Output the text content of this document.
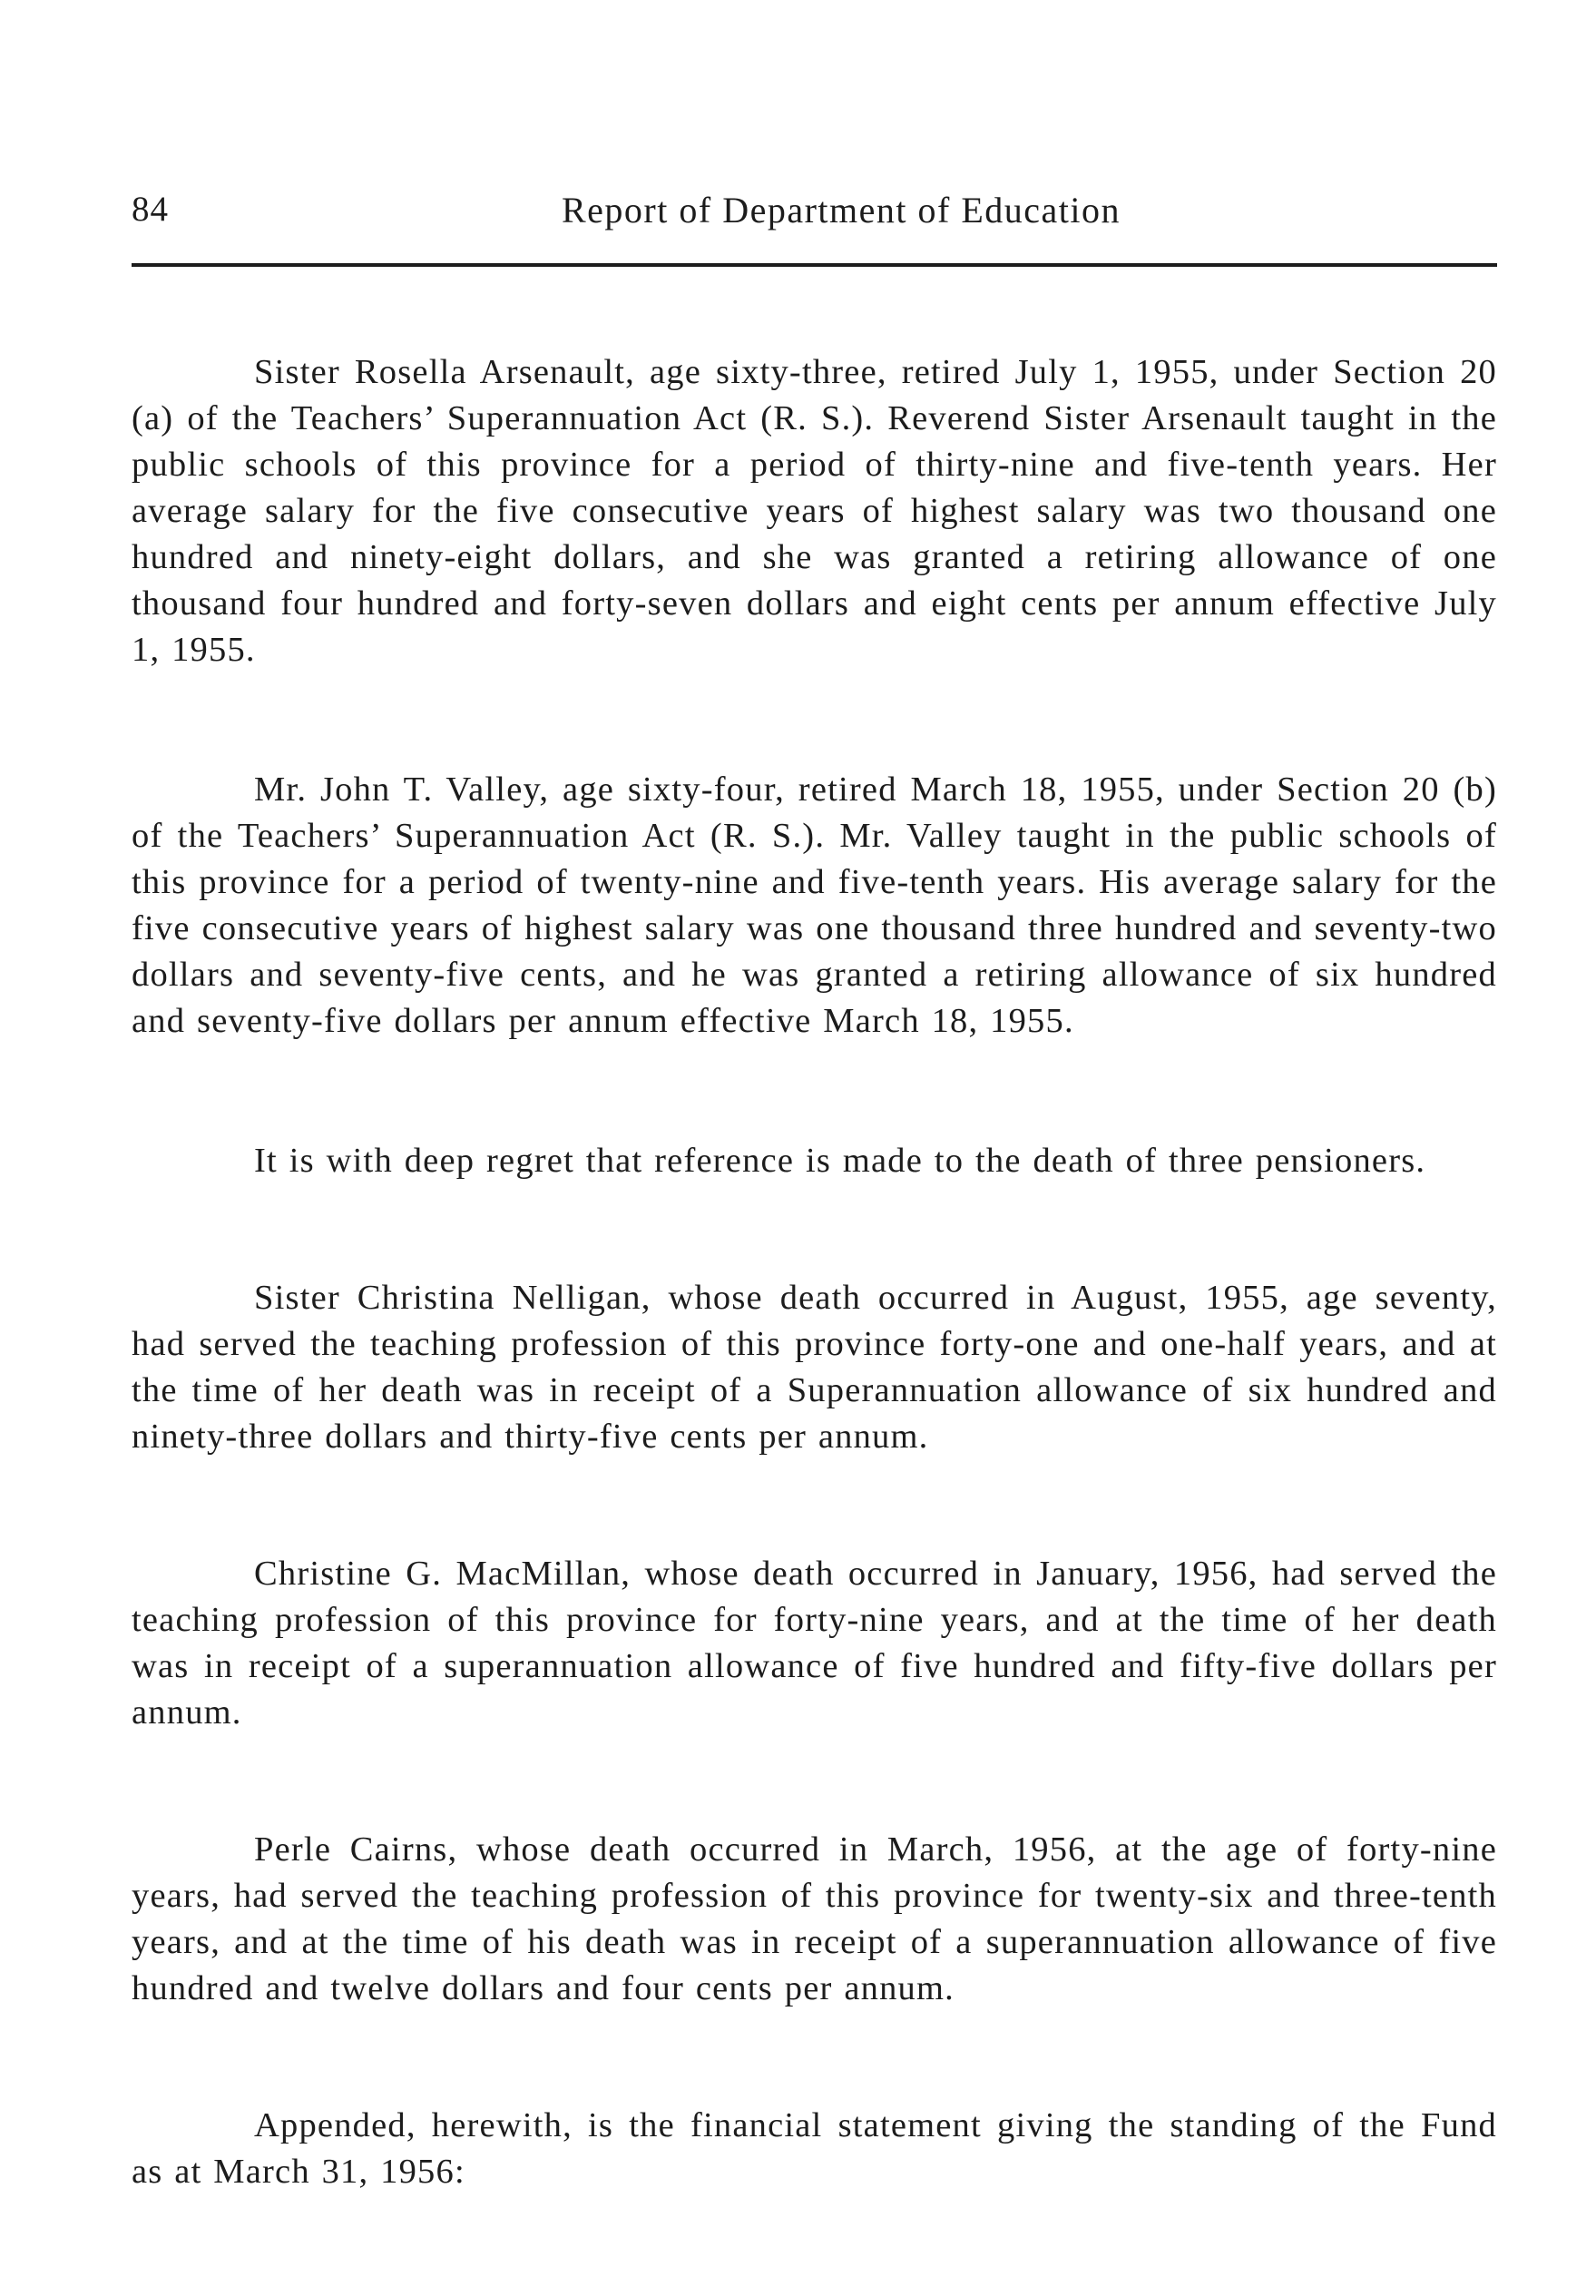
84	Report of Department of Education

Sister Rosella Arsenault, age sixty-three, retired July 1, 1955, under Section 20 (a) of the Teachers’ Superannuation Act (R. S.). Reverend Sister Arsenault taught in the public schools of this province for a period of thirty-nine and five-tenth years. Her average salary for the five consecutive years of highest salary was two thousand one hundred and ninety-eight dollars, and she was granted a retiring allowance of one thousand four hundred and forty-seven dollars and eight cents per annum effective July 1, 1955.

Mr. John T. Valley, age sixty-four, retired March 18, 1955, under Section 20 (b) of the Teachers’ Superannuation Act (R. S.). Mr. Valley taught in the public schools of this province for a period of twenty-nine and five-tenth years. His average salary for the five consecutive years of highest salary was one thousand three hundred and seventy-two dollars and seventy-five cents, and he was granted a retiring allowance of six hundred and seventy-five dollars per annum effective March 18, 1955.

It is with deep regret that reference is made to the death of three pensioners.

Sister Christina Nelligan, whose death occurred in August, 1955, age seventy, had served the teaching profession of this province forty-one and one-half years, and at the time of her death was in receipt of a Superannuation allowance of six hundred and ninety-three dollars and thirty-five cents per annum.

Christine G. MacMillan, whose death occurred in January, 1956, had served the teaching profession of this province for forty-nine years, and at the time of her death was in receipt of a superannuation allowance of five hundred and fifty-five dollars per annum.

Perle Cairns, whose death occurred in March, 1956, at the age of forty-nine years, had served the teaching profession of this province for twenty-six and three-tenth years, and at the time of his death was in receipt of a superannuation allowance of five hundred and twelve dollars and four cents per annum.

Appended, herewith, is the financial statement giving the standing of the Fund as at March 31, 1956:
